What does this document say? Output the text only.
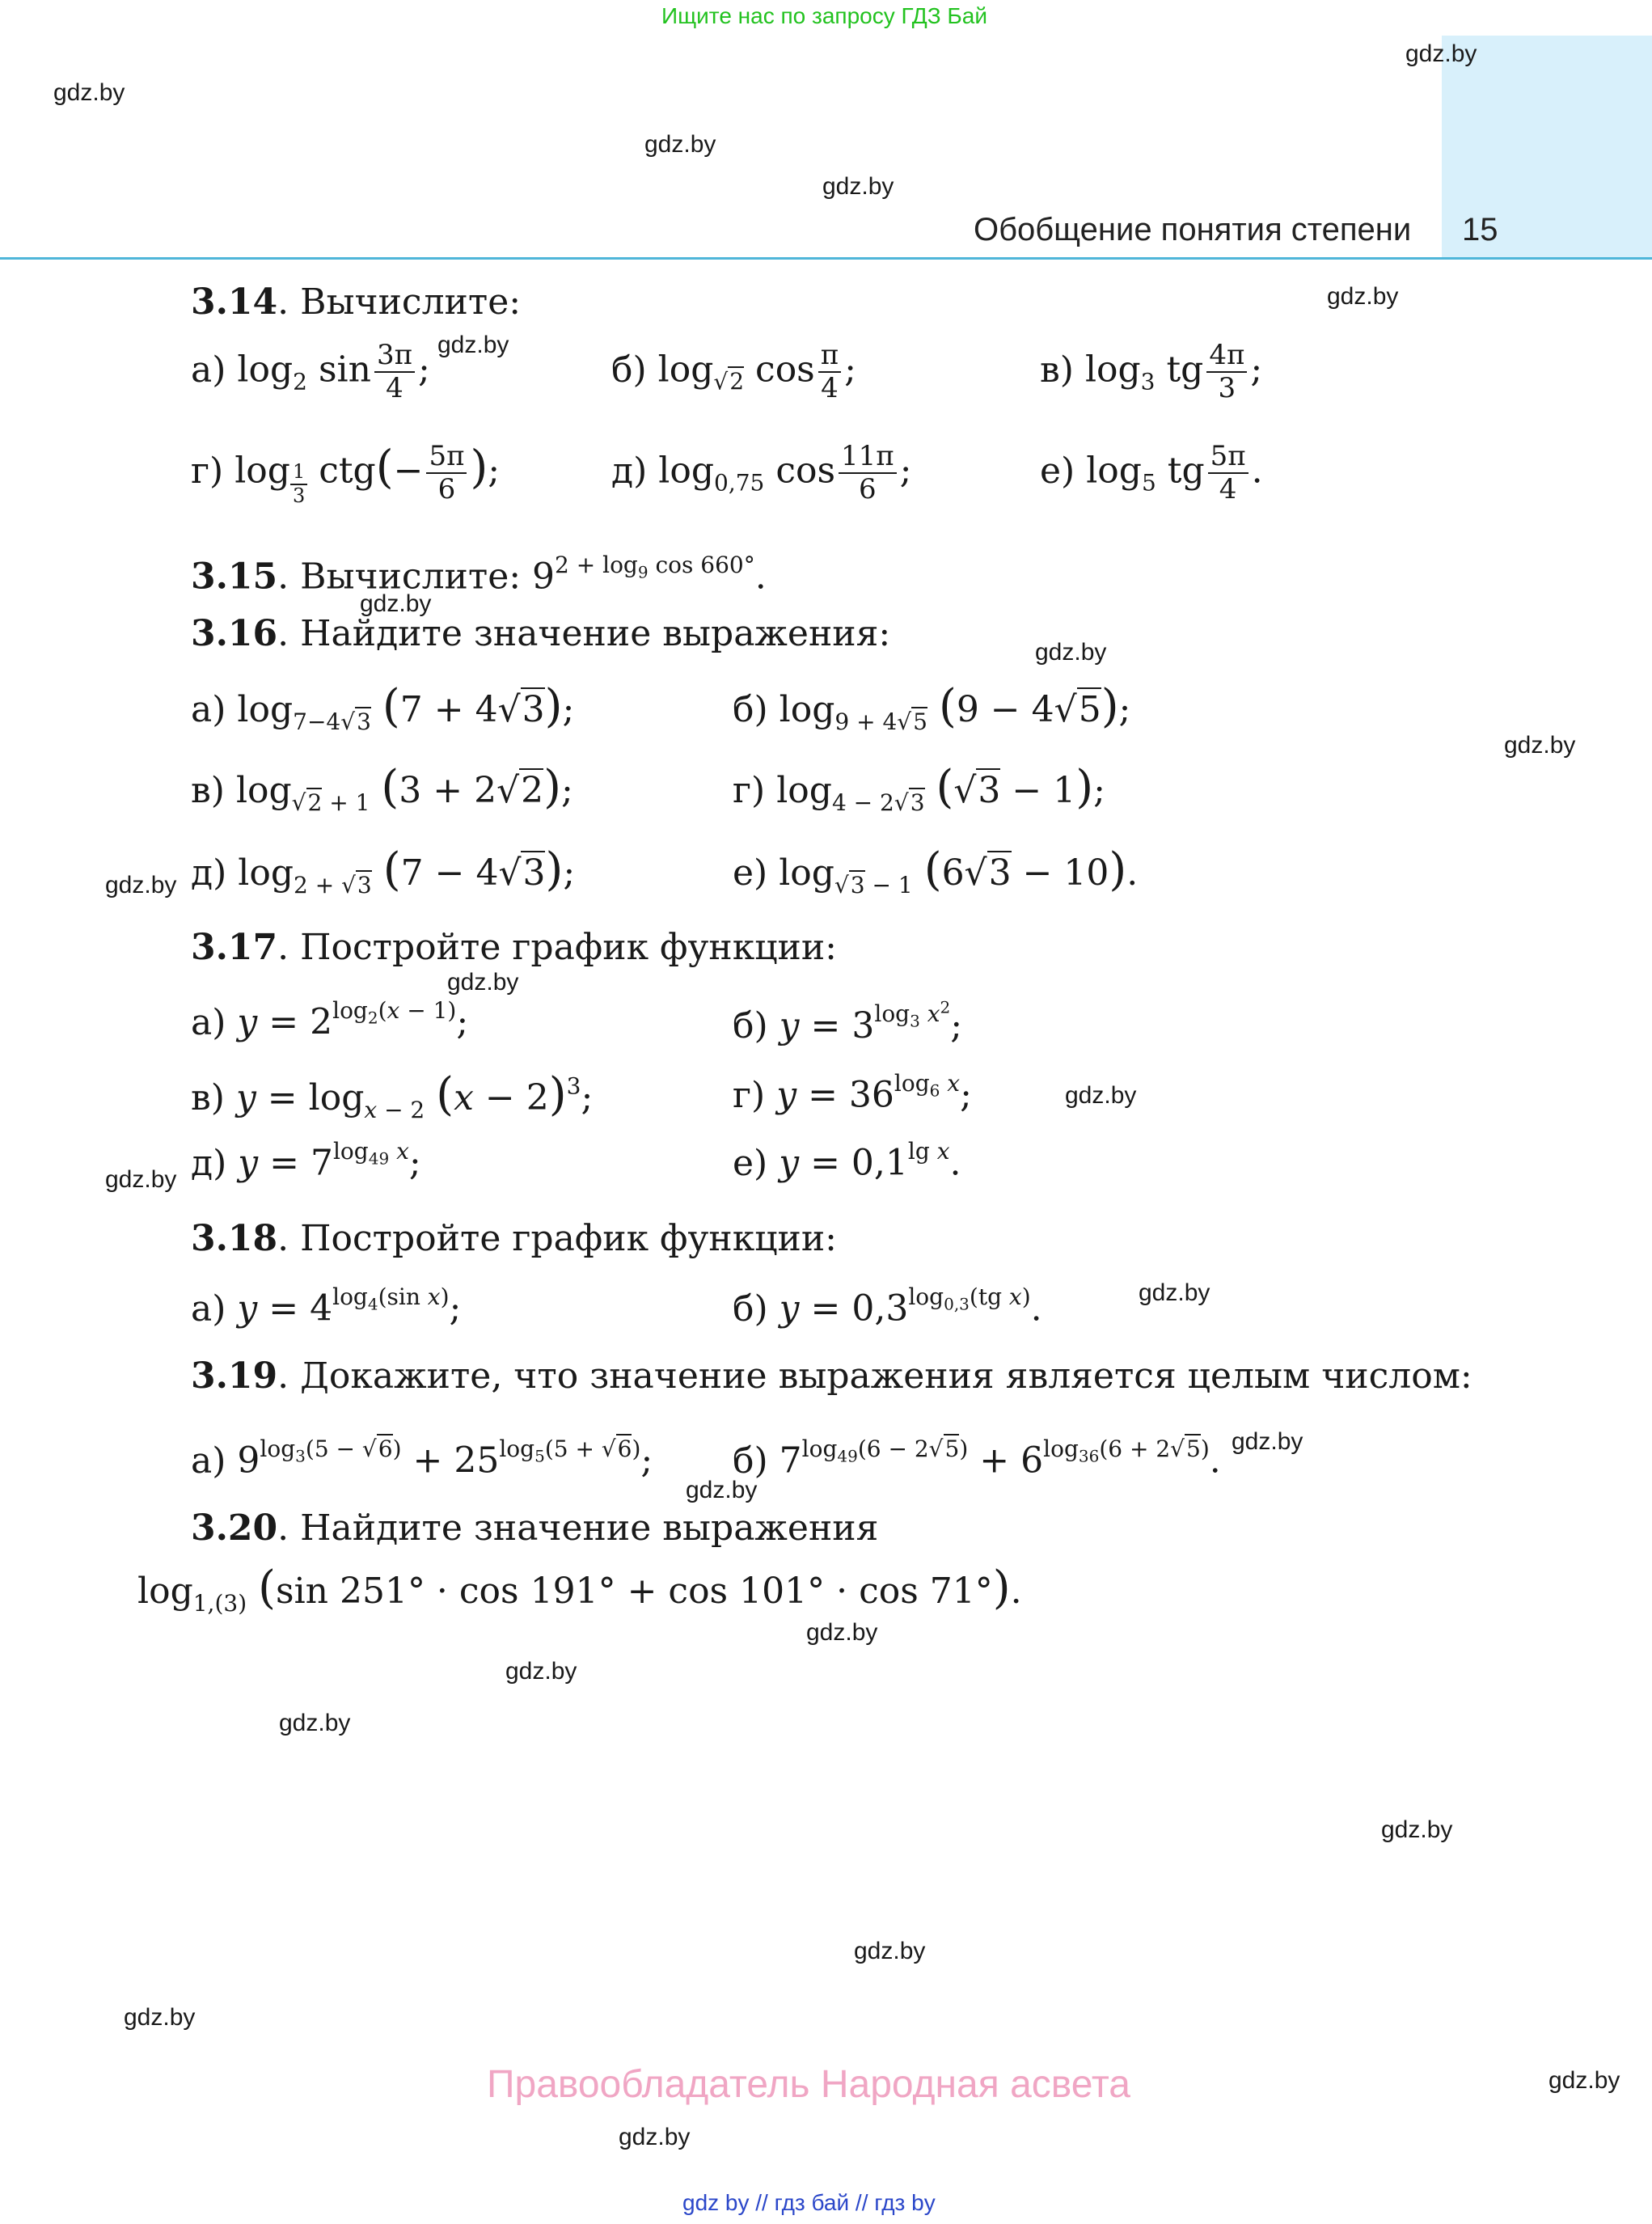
Ищите нас по запросу ГДЗ Бай
Обобщение понятия степени 15
gdz.by
gdz.by
gdz.by
gdz.by
gdz.by
gdz.by
gdz.by
gdz.by
gdz.by
gdz.by
gdz.by
gdz.by
gdz.by
gdz.by
gdz.by
gdz.by
gdz.by
gdz.by
gdz.by
gdz.by
gdz.by
gdz.by
gdz.by
gdz.by
3.14. Вычислите:
а) $\log_2 \sin \frac{3\pi}{4}$ ;	б) $\log_{√2} \cos \frac{\pi}{4}$ ;	в) $\log_3$ tg $\frac{4\pi}{3}$ ;
г) log $_{\frac{1}{3}}$ $ctg(- \frac{5\pi}{6}$ );	д) $\log_{0,75} \cos \frac{11\pi}{6}$ ;	е) $\log_5$ tg $\frac{5\pi}{4}$ .
3.15. Вычислите: $9^{2 + log_9 cos 660^\circ}$.
3.16. Найдите значение выражения:
а) $\log_{7-4√3} (7 + 4√3)$;	б) $\log_{9 + 4√5} (9 - 4√5)$;
в) $\log_{√2 + 1} (3 + 2√2)$;	г) $\log_{4 - 2√3} (√3 - 1)$;
д) $\log_{2 + √3} (7 - 4√3)$;	е) $\log_{√3 - 1} (6√3 - 10)$.
3.17. Постройте график функции:
а) $y = 2^{log_2(x - 1)}$;	б) $y = 3^{log_3 x^2}$;
в) $y = \log_{x - 2} (x - 2)^3$;	г) $y = 36^{log_6 x}$;
д) $y = 7^{log_{49} x}$;	е) $y = 0,1^{lg x}$.
3.18. Постройте график функции:
а) $y = 4^{log_4(sin x)}$;	б) $y = 0,3^{log_{0,3}(tg x)}$.
3.19. Докажите, что значение выражения является целым числом:
а) $9^{log_3(5 - √6)} + 25^{log_5(5 + √6)}$; б) $7^{log_{49}(6 - 2√5)} + 6^{log_{36}(6 + 2√5)}$.
3.20. Найдите значение выражения
$\log_{1,(3)} (\sin$ 251° · cos 191° + cos 101° · cos 71°).
Правообладатель Народная асвета
gdz by // гдз бай // гдз by
